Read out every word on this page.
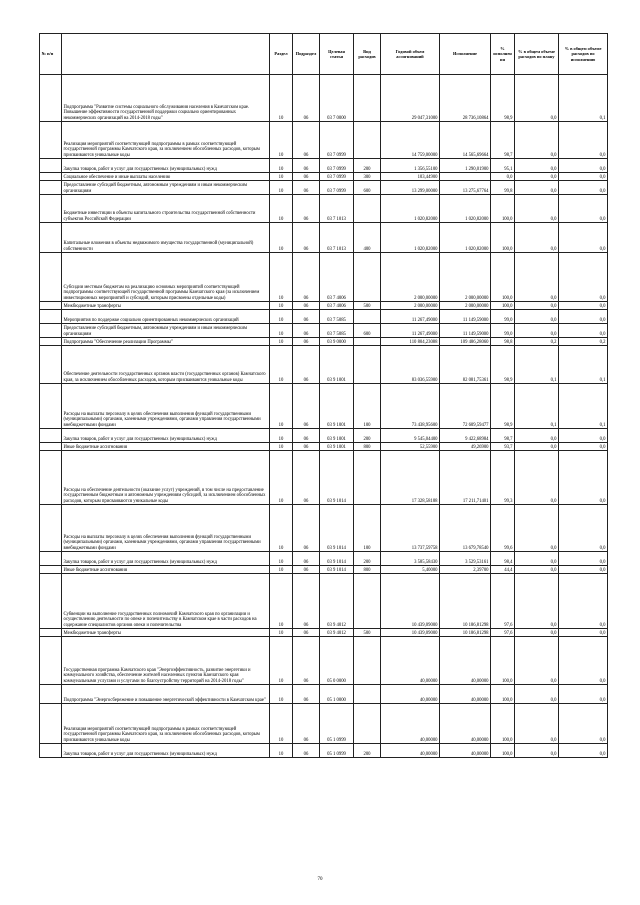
№ п/п		Раздел	Подраздел	Целевая статья	Вид расходов	Годовой объем ассигнований	Исполнение	% исполнения	% в общем объеме расходов по плану	% в общем объеме расходов по исполнению
	Подпрограмма "Развитие системы социального обслуживания населения в Камчатском крае. Повышение эффективности государственной поддержки социально ориентированных некоммерческих организаций на 2014-2018 годы"	10	06	03 7 0000		29 047,31000	28 736,10864	98,9	0,0	0,1
	Реализация мероприятий соответствующей подпрограммы в рамках соответствующей государственной программы Камчатского края, за исключением обособленных расходов, которым присваиваются уникальные коды	10	06	03 7 0999		14 759,00000	14 565,69664	98,7	0,0	0,0
	Закупка товаров, работ и услуг для государственных (муниципальных) нужд	10	06	03 7 0999	200	1 356,55100	1 290,01900	95,1	0,0	0,0
	Социальное обеспечение и иные выплаты населению	10	06	03 7 0999	300	103,44900		0,0	0,0	0,0
	Предоставление субсидий бюджетным, автономным учреждениям и иным некоммерческим организациям	10	06	03 7 0999	600	13 299,00000	13 275,67764	99,8	0,0	0,0
	Бюджетные инвестиции в объекты капитального строительства государственной собственности субъектов Российской Федерации	10	06	03 7 1013		1 020,82000	1 020,82000	100,0	0,0	0,0
	Капитальные вложения в объекты недвижимого имущества государственной (муниципальной) собственности	10	06	03 7 1013	400	1 020,82000	1 020,82000	100,0	0,0	0,0
	Субсидии местным бюджетам на реализацию основных мероприятий соответствующей подпрограммы соответствующей государственной программы Камчатского края (за исключением инвестиционных мероприятий и субсидий, которым присвоены отдельные коды)	10	06	03 7 4006		2 000,00000	2 000,00000	100,0	0,0	0,0
	Межбюджетные трансферты	10	06	03 7 4006	500	2 000,00000	2 000,00000	100,0	0,0	0,0
	Мероприятия по поддержке социально ориентированных некоммерческих организаций	10	06	03 7 5085		11 267,49000	11 149,59000	99,0	0,0	0,0
	Предоставление субсидий бюджетным, автономным учреждениям и иным некоммерческим организациям	10	06	03 7 5085	600	11 267,49000	11 149,59000	99,0	0,0	0,0
	Подпрограмма "Обеспечение реализации Программы"	10	06	03 9 0000		110 804,23088	109 486,28060	98,8	0,2	0,2
	Обеспечение деятельности государственных органов власти (государственных органов) Камчатского края, за исключением обособленных расходов, которым присваиваются уникальные коды	10	06	03 9 1001		83 036,55900	82 081,75361	98,9	0,1	0,1
	Расходы на выплаты персоналу в целях обеспечения выполнения функций государственными (муниципальными) органами, казенными учреждениями, органами управления государственными внебюджетными фондами	10	06	03 9 1001	100	73 438,95600	72 609,59477	98,9	0,1	0,1
	Закупка товаров, работ и услуг для государственных (муниципальных) нужд	10	06	03 9 1001	200	9 545,04400	9 422,68984	98,7	0,0	0,0
	Иные бюджетные ассигнования	10	06	03 9 1001	800	52,55900	49,26900	93,7	0,0	0,0
	Расходы на обеспечение деятельности (оказание услуг) учреждений, в том числе на предоставление государственным бюджетным и автономным учреждениям субсидий, за исключением обособленных расходов, которым присваиваются уникальные коды	10	06	03 9 1014		17 328,58188	17 211,71401	99,3	0,0	0,0
	Расходы на выплаты персоналу в целях обеспечения выполнения функций государственными (муниципальными) органами, казенными учреждениями, органами управления государственными внебюджетными фондами	10	06	03 9 1014	100	13 737,59758	13 679,78540	99,6	0,0	0,0
	Закупка товаров, работ и услуг для государственных (муниципальных) нужд	10	06	03 9 1014	200	3 585,58430	3 529,53161	98,4	0,0	0,0
	Иные бюджетные ассигнования	10	06	03 9 1014	800	5,40000	2,39700	44,4	0,0	0,0
	Субвенции на выполнение государственных полномочий Камчатского края по организации и осуществлению деятельности по опеке и попечительству в Камчатском крае в части расходов на содержание специалистов органов опеки и попечительства	10	06	03 9 4012		10 439,09000	10 186,81298	97,6	0,0	0,0
	Межбюджетные трансферты	10	06	03 9 4012	500	10 439,09000	10 186,81298	97,6	0,0	0,0
	Государственная программа Камчатского края "Энергоэффективность, развитие энергетики и коммунального хозяйства, обеспечение жителей населенных пунктов Камчатского края коммунальными услугами и услугами по благоустройству территорий на 2014-2018 годы"	10	06	05 0 0000		40,00000	40,00000	100,0	0,0	0,0
	Подпрограмма "Энергосбережение и повышение энергетической эффективности в Камчатском крае"	10	06	05 1 0000		40,00000	40,00000	100,0	0,0	0,0
	Реализация мероприятий соответствующей подпрограммы в рамках соответствующей государственной программы Камчатского края, за исключением обособленных расходов, которым присваиваются уникальные коды	10	06	05 1 0999		40,00000	40,00000	100,0	0,0	0,0
	Закупка товаров, работ и услуг для государственных (муниципальных) нужд	10	06	05 1 0999	200	40,00000	40,00000	100,0	0,0	0,0
70
